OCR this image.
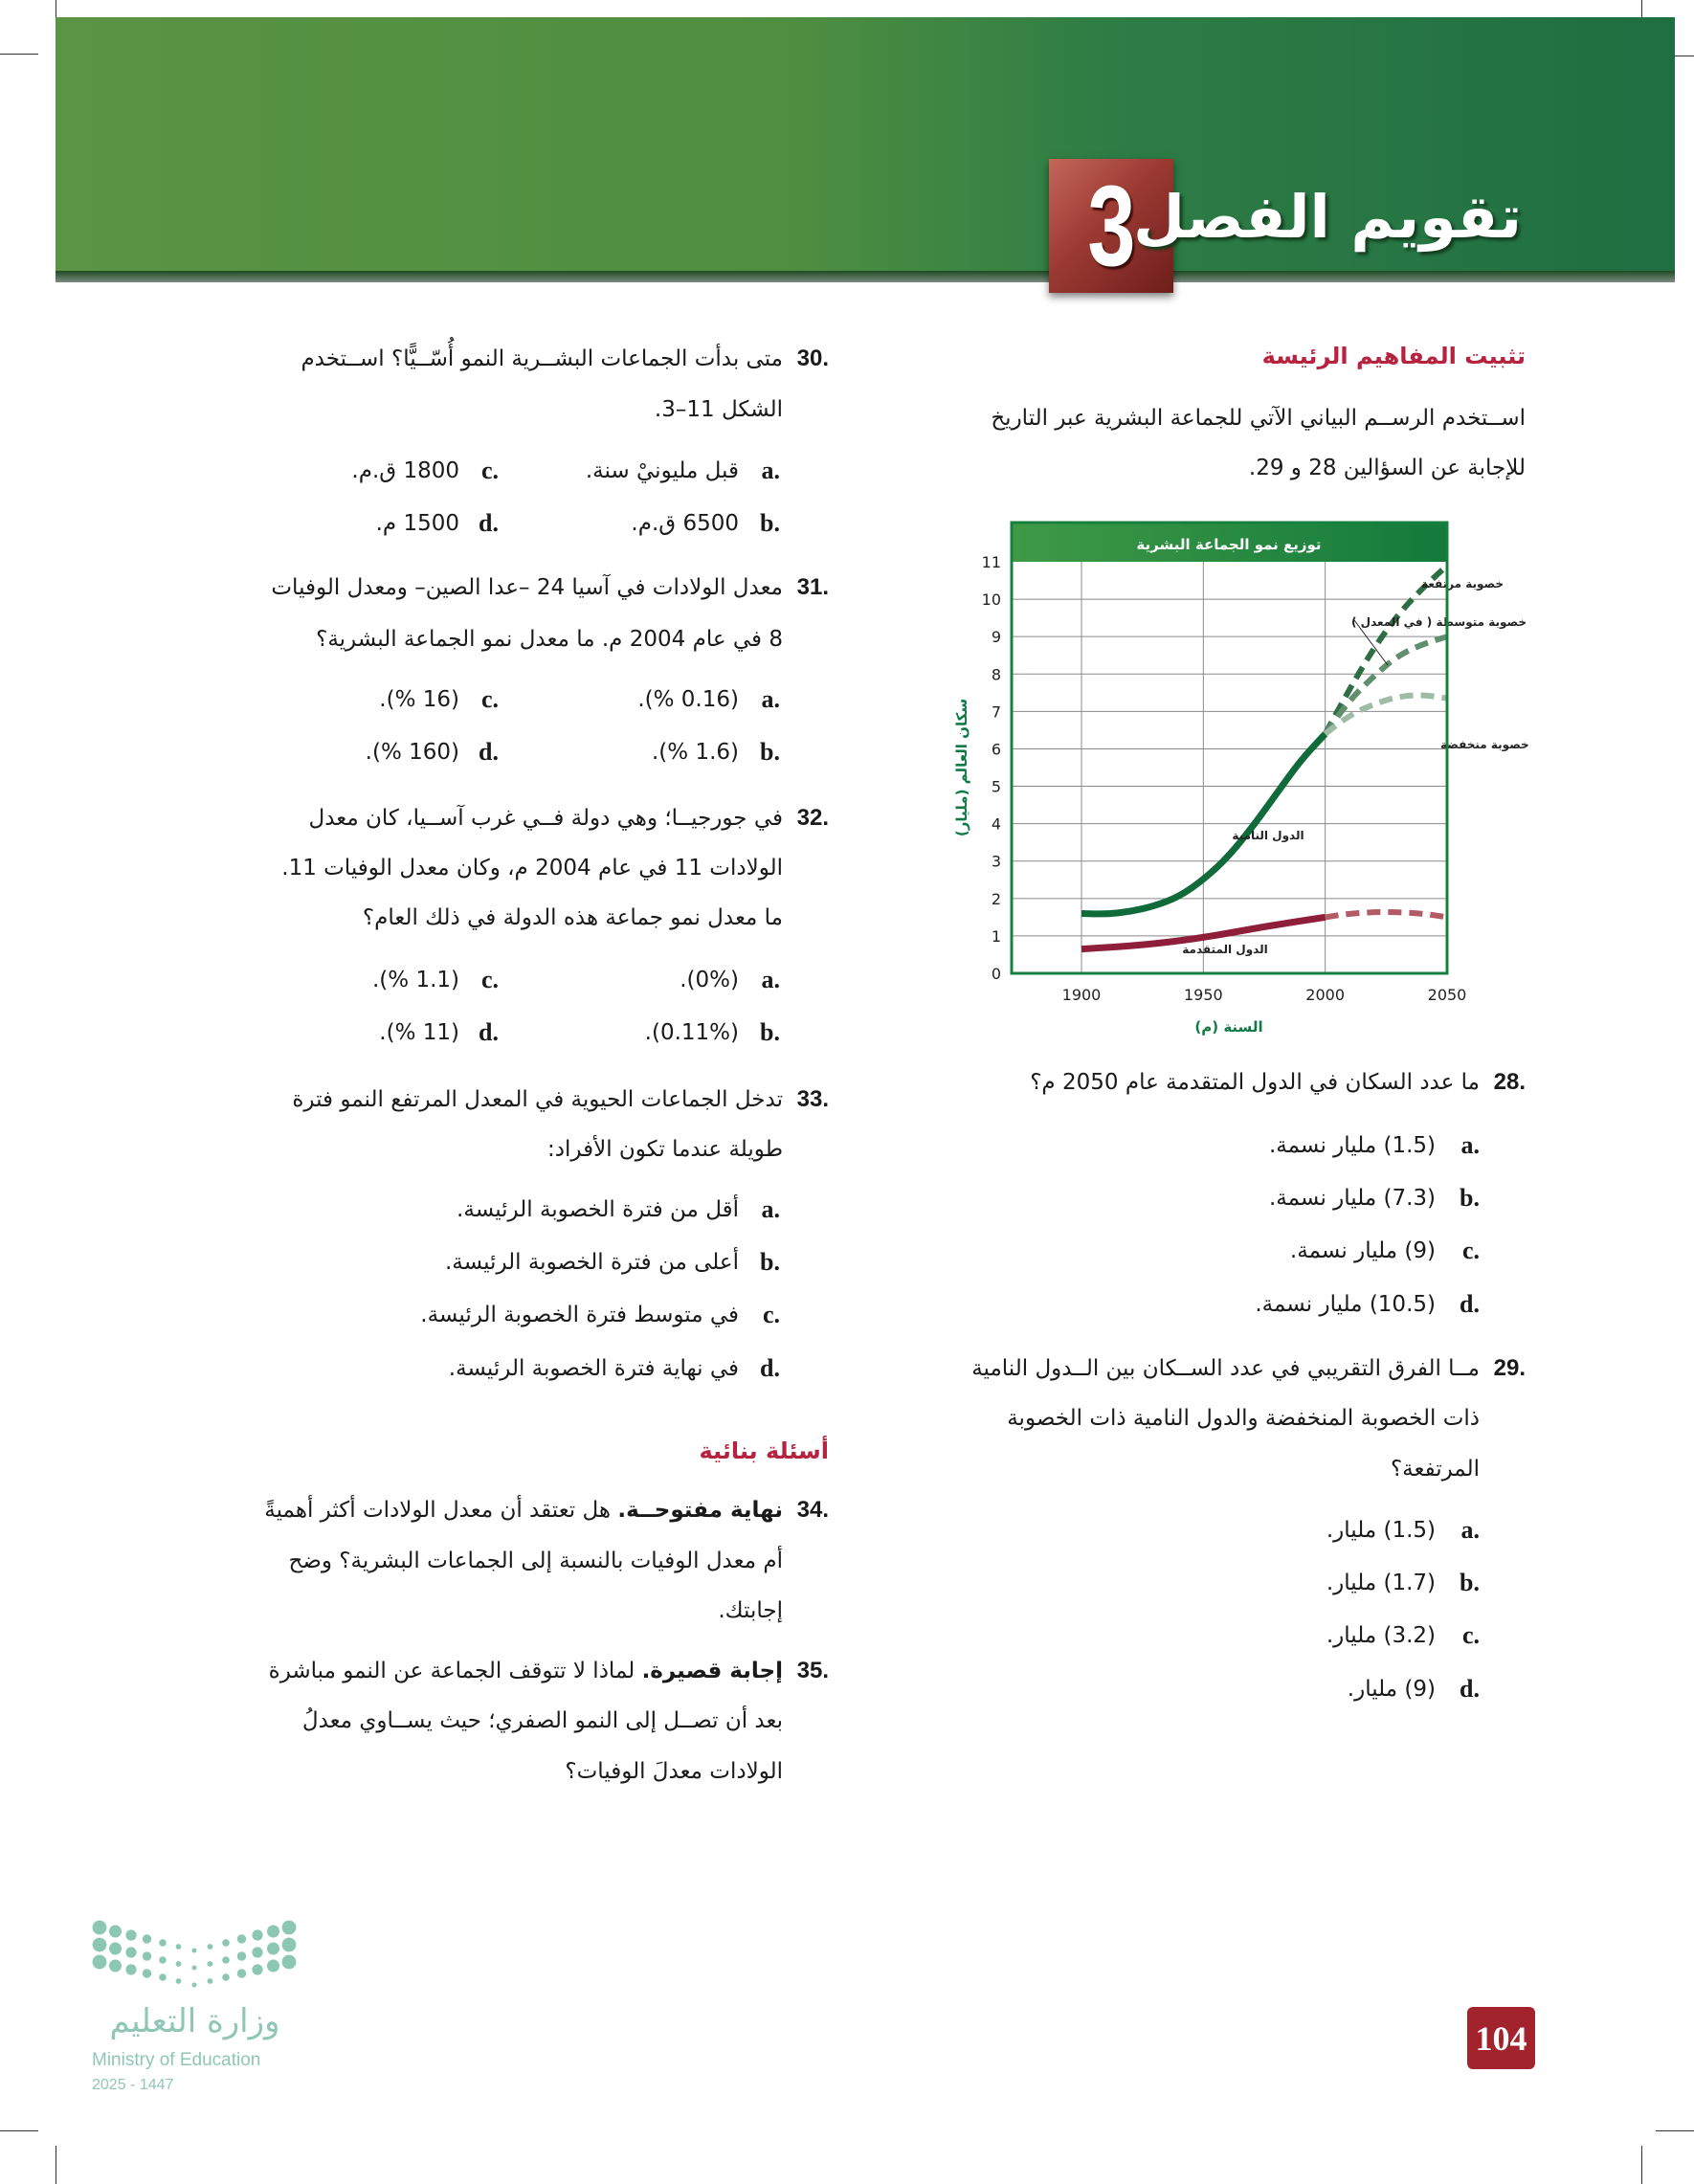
3
تقويم الفصل
تثبيت المفاهيم الرئيسة
اســتخدم الرســم البياني الآتي للجماعة البشرية عبر التاريخ
للإجابة عن السؤالين 28 و 29.
توزيع نمو الجماعة البشرية
0
1
2
3
4
5
6
7
8
9
10
11
1900	1950	2000	2050
السنة (م)
سكان العالم (مليار)	الدول النامية
الدول المتقدمة
خصوبة مرتفعة
خصوبة متوسطة ( في المعدل )
خصوبة منخفضة
أسئلة بنائية
28.
ما عدد السكان في الدول المتقدمة عام 2050 م؟
a.
(1.5) مليار نسمة.
b.
(7.3) مليار نسمة.
c.
(9) مليار نسمة.
d.
(10.5) مليار نسمة.
29.
مــا الفرق التقريبي في عدد الســكان بين الــدول النامية
ذات الخصوبة المنخفضة والدول النامية ذات الخصوبة
المرتفعة؟
a.
(1.5) مليار.
b.
(1.7) مليار.
c.
(3.2) مليار.
d.
(9) مليار.
30.
متى بدأت الجماعات البشــرية النمو أُسّــيًّا؟ اســتخدم
الشكل 11–3.
a.
قبل مليونيْ سنة.
b.
6500 ق.م.
c.
1800 ق.م.
d.
1500 م.
31.
معدل الولادات في آسيا 24 –عدا الصين– ومعدل الوفيات
8 في عام 2004 م. ما معدل نمو الجماعة البشرية؟
a.
(0.16 %).
b.
(1.6 %).
c.
(16 %).
d.
(160 %).
32.
في جورجيــا؛ وهي دولة فــي غرب آســيا، كان معدل
الولادات 11 في عام 2004 م، وكان معدل الوفيات 11.
ما معدل نمو جماعة هذه الدولة في ذلك العام؟
a.
(0%).
b.
(0.11%).
c.
(1.1 %).
d.
(11 %).
33.
تدخل الجماعات الحيوية في المعدل المرتفع النمو فترة
طويلة عندما تكون الأفراد:
a.
أقل من فترة الخصوبة الرئيسة.
b.
أعلى من فترة الخصوبة الرئيسة.
c.
في متوسط فترة الخصوبة الرئيسة.
d.
في نهاية فترة الخصوبة الرئيسة.
34.
نهاية مفتوحــة. هل تعتقد أن معدل الولادات أكثر أهميةً
أم معدل الوفيات بالنسبة إلى الجماعات البشرية؟ وضح
إجابتك.
35.
إجابة قصيرة. لماذا لا تتوقف الجماعة عن النمو مباشرة
بعد أن تصــل إلى النمو الصفري؛ حيث يســاوي معدلُ
الولادات معدلَ الوفيات؟
104
وزارة التعليم
Ministry of Education
2025 - 1447
